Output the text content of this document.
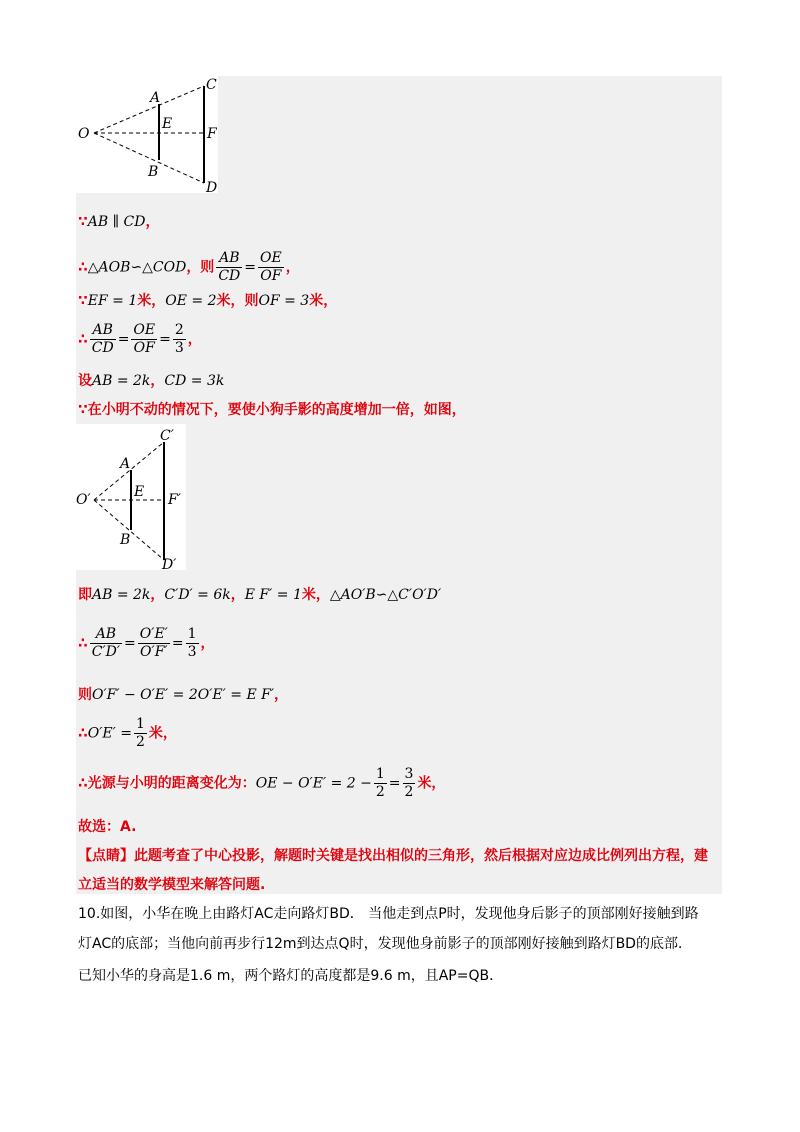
O
A
B
C
D
E
F
∵AB ∥ CD，
∴△AOB∽△COD，则 $\frac{AB}{CD} = \frac{OE}{OF}$ ，
∵EF = 1米，OE = 2米，则OF = 3米，
∴ $\frac{AB}{CD} = \frac{OE}{OF} = \frac{2}{3}$ ，
设AB = 2k，CD = 3k
∵在小明不动的情况下，要使小狗手影的高度增加一倍，如图，
O′
A
B
C′
D′
E F′
即AB = 2k，C′D′ = 6k，E F′ = 1米，△AO′B∽△C′O′D′
∴ $\frac{AB}{C'D'} = \frac{O'E'}{O'F'} = \frac{1}{3}$ ，
则O′F′ − O′E′ = 2O′E′ = E F′，
∴O′E′ = $\frac{1}{2}$ 米，
∴光源与小明的距离变化为：OE − $O'E' = 2 - \frac{1}{2} = \frac{3}{2}$ 米，
故选：A.
【点睛】此题考查了中心投影，解题时关键是找出相似的三角形，然后根据对应边成比例列出方程，建
立适当的数学模型来解答问题.
10.如图，小华在晚上由路灯AC走向路灯BD． 当他走到点P时，发现他身后影子的顶部刚好接触到路
灯AC的底部；当他向前再步行12m到达点Q时，发现他身前影子的顶部刚好接触到路灯BD的底部．
已知小华的身高是1.6 m，两个路灯的高度都是9.6 m，且AP=QB．
